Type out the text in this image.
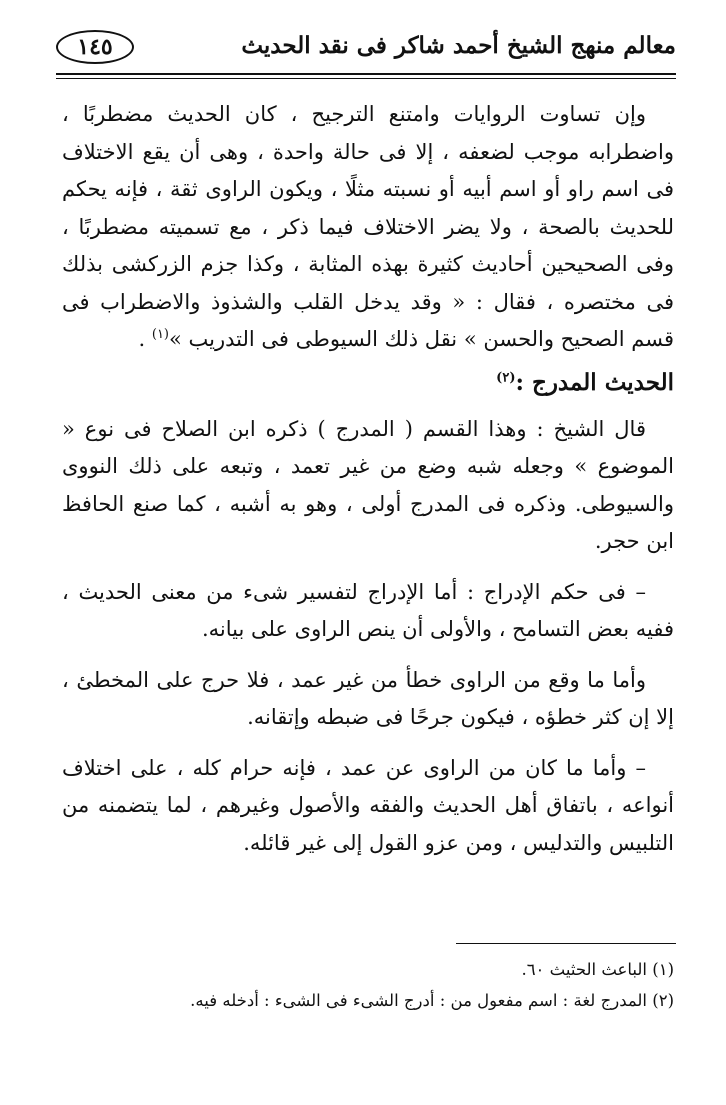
١٤٥	معالم منهج الشيخ أحمد شاكر فى نقد الحديث

وإن تساوت الروايات وامتنع الترجيح ، كان الحديث مضطربًا ، واضطرابه موجب لضعفه ، إلا فى حالة واحدة ، وهى أن يقع الاختلاف فى اسم راو أو اسم أبيه أو نسبته مثلًا ، ويكون الراوى ثقة ، فإنه يحكم للحديث بالصحة ، ولا يضر الاختلاف فيما ذكر ، مع تسميته مضطربًا ، وفى الصحيحين أحاديث كثيرة بهذه المثابة ، وكذا جزم الزركشى بذلك فى مختصره ، فقال : « وقد يدخل القلب والشذوذ والاضطراب فى قسم الصحيح والحسن » نقل ذلك السيوطى فى التدريب »$^{(١)}$ .

الحديث المدرج :$^{(٢)}$

قال الشيخ : وهذا القسم ( المدرج ) ذكره ابن الصلاح فى نوع « الموضوع » وجعله شبه وضع من غير تعمد ، وتبعه على ذلك النووى والسيوطى. وذكره فى المدرج أولى ، وهو به أشبه ، كما صنع الحافظ ابن حجر.

– فى حكم الإدراج : أما الإدراج لتفسير شىء من معنى الحديث ، ففيه بعض التسامح ، والأولى أن ينص الراوى على بيانه.

وأما ما وقع من الراوى خطأ من غير عمد ، فلا حرج على المخطئ ، إلا إن كثر خطؤه ، فيكون جرحًا فى ضبطه وإتقانه.

– وأما ما كان من الراوى عن عمد ، فإنه حرام كله ، على اختلاف أنواعه ، باتفاق أهل الحديث والفقه والأصول وغيرهم ، لما يتضمنه من التلبيس والتدليس ، ومن عزو القول إلى غير قائله.

(١) الباعث الحثيث ٦٠.

(٢) المدرج لغة : اسم مفعول من : أدرج الشىء فى الشىء : أدخله فيه.
